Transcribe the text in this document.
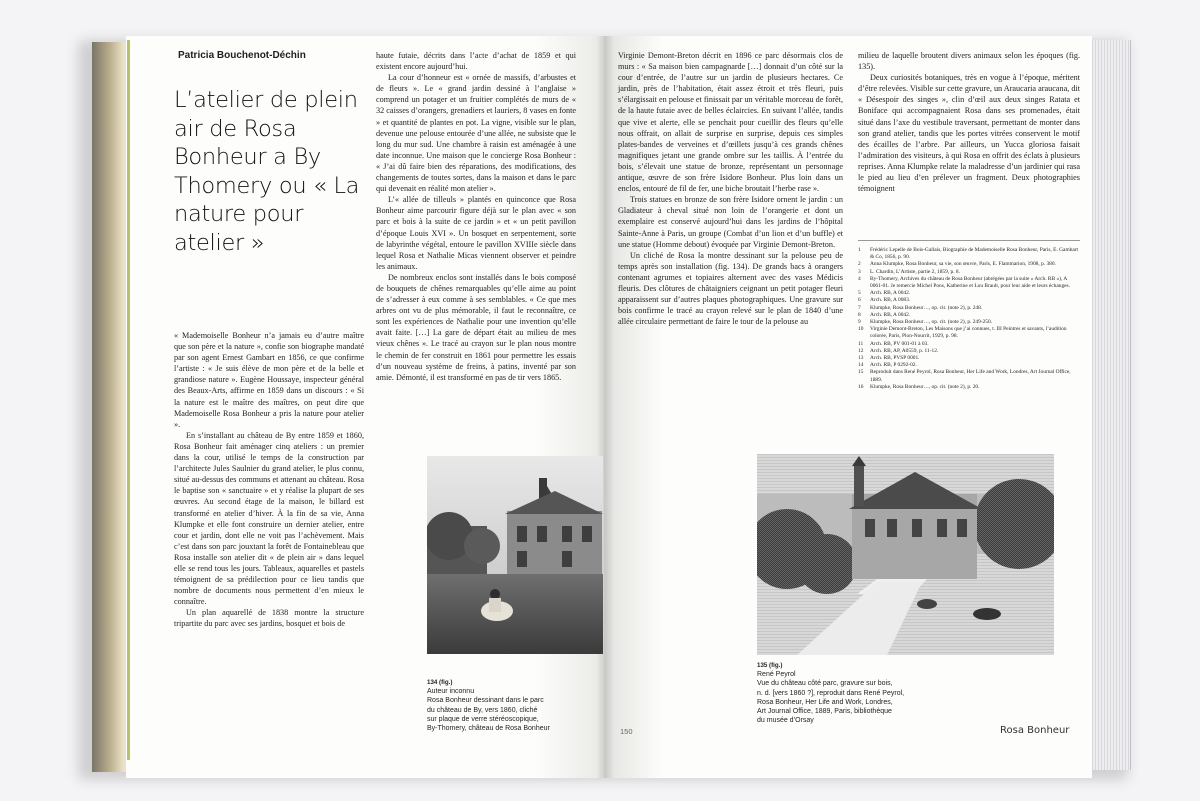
Patricia Bouchenot-Déchin
L’atelier de plein air de Rosa Bonheur a By Thomery ou « La nature pour atelier »

« Mademoiselle Bonheur n’a jamais eu d’autre maître que son père et la nature », confie son biographe mandaté par son agent Ernest Gambart en 1856, ce que confirme l’artiste : « Je suis élève de mon père et de la belle et grandiose nature ». Eugène Houssaye, inspecteur général des Beaux-Arts, affirme en 1859 dans un discours : « Si la nature est le maître des maîtres, on peut dire que Mademoiselle Rosa Bonheur a pris la nature pour atelier ».

En s’installant au château de By entre 1859 et 1860, Rosa Bonheur fait aménager cinq ateliers : un premier dans la cour, utilisé le temps de la construction par l’architecte Jules Saulnier du grand atelier, le plus connu, situé au-dessus des communs et attenant au château. Rosa le baptise son « sanctuaire » et y réalise la plupart de ses œuvres. Au second étage de la maison, le billard est transformé en atelier d’hiver. À la fin de sa vie, Anna Klumpke et elle font construire un dernier atelier, entre cour et jardin, dont elle ne voit pas l’achèvement. Mais c’est dans son parc jouxtant la forêt de Fontainebleau que Rosa installe son atelier dit « de plein air » dans lequel elle se rend tous les jours. Tableaux, aquarelles et pastels témoignent de sa prédilection pour ce lieu tandis que nombre de documents nous permettent d’en mieux le connaître.

Un plan aquarellé de 1838 montre la structure tripartite du parc avec ses jardins, bosquet et bois de

haute futaie, décrits dans l’acte d’achat de 1859 et qui existent encore aujourd’hui.

La cour d’honneur est « ornée de massifs, d’arbustes et de fleurs ». Le « grand jardin dessiné à l’anglaise » comprend un potager et un fruitier complétés de murs de « 32 caisses d’orangers, grenadiers et lauriers, 8 vases en fonte » et quantité de plantes en pot. La vigne, visible sur le plan, devenue une pelouse entourée d’une allée, ne subsiste que le long du mur sud. Une chambre à raisin est aménagée à une date inconnue. Une maison que le concierge Rosa Bonheur : « J’ai dû faire bien des réparations, des modifications, des changements de toutes sortes, dans la maison et dans le parc qui devenait en réalité mon atelier ».

L’« allée de tilleuls » plantés en quinconce que Rosa Bonheur aime parcourir figure déjà sur le plan avec « son parc et bois à la suite de ce jardin » et « un petit pavillon d’époque Louis XVI ». Un bosquet en serpentement, sorte de labyrinthe végétal, entoure le pavillon XVIIIe siècle dans lequel Rosa et Nathalie Micas viennent observer et peindre les animaux.

De nombreux enclos sont installés dans le bois composé de bouquets de chênes remarquables qu’elle aime au point de s’adresser à eux comme à ses semblables. « Ce que mes arbres ont vu de plus mémorable, il faut le reconnaître, ce sont les expériences de Nathalie pour une invention qu’elle avait faite. […] La gare de départ était au milieu de mes vieux chênes ». Le tracé au crayon sur le plan nous montre le chemin de fer construit en 1861 pour permettre les essais d’un nouveau système de freins, à patins, inventé par son amie. Démonté, il est transformé en pas de tir vers 1865.

Virginie Demont-Breton décrit en 1896 ce parc désormais clos de murs : « Sa maison bien campagnarde […] donnait d’un côté sur la cour d’entrée, de l’autre sur un jardin de plusieurs hectares. Ce jardin, près de l’habitation, était assez étroit et très fleuri, puis s’élargissait en pelouse et finissait par un véritable morceau de forêt, de la haute futaie avec de belles éclaircies. En suivant l’allée, tandis que vive et alerte, elle se penchait pour cueillir des fleurs qu’elle nous offrait, on allait de surprise en surprise, depuis ces simples plates-bandes de verveines et d’œillets jusqu’à ces grands chênes magnifiques jetant une grande ombre sur les taillis. À l’entrée du bois, s’élevait une statue de bronze, représentant un personnage antique, œuvre de son frère Isidore Bonheur. Plus loin dans un enclos, entouré de fil de fer, une biche broutait l’herbe rase ».

Trois statues en bronze de son frère Isidore ornent le jardin : un Gladiateur à cheval situé non loin de l’orangerie et dont un exemplaire est conservé aujourd’hui dans les jardins de l’hôpital Sainte-Anne à Paris, un groupe (Combat d’un lion et d’un buffle) et une statue (Homme debout) évoquée par Virginie Demont-Breton.

Un cliché de Rosa la montre dessinant sur la pelouse peu de temps après son installation (fig. 134). De grands bacs à orangers contenant agrumes et topiaires alternent avec des vases Médicis fleuris. Des clôtures de châtaigniers ceignant un petit potager fleuri apparaissent sur d’autres plaques photographiques. Une gravure sur bois confirme le tracé au crayon relevé sur le plan de 1840 d’une allée circulaire permettant de faire le tour de la pelouse au

milieu de laquelle broutent divers animaux selon les époques (fig. 135).

Deux curiosités botaniques, très en vogue à l’époque, méritent d’être relevées. Visible sur cette gravure, un Araucaria araucana, dit « Désespoir des singes », clin d’œil aux deux singes Ratata et Boniface qui accompagnaient Rosa dans ses promenades, était situé dans l’axe du vestibule traversant, permettant de monter dans son grand atelier, tandis que les portes vitrées conservent le motif des écailles de l’arbre. Par ailleurs, un Yucca gloriosa faisait l’admiration des visiteurs, à qui Rosa en offrit des éclats à plusieurs reprises. Anna Klumpke relate la maladresse d’un jardinier qui rasa le pied au lieu d’en prélever un fragment. Deux photographies témoignent

1	Frédéric Lepelle de Bois-Gallais, Biographie de Mademoiselle Rosa Bonheur, Paris, E. Gambart & Co, 1856, p. 90.
2	Anna Klumpke, Rosa Bonheur, sa vie, son œuvre, Paris, E. Flammarion, 1908, p. 380.
3	L. Chardin, L’Artiste, partie 2, 1859, p. 8.
4	By-Thomery, Archives du château de Rosa Bonheur (abrégées par la suite « Arch. RB »), A 0061-01. Je remercie Michel Pons, Katherine et Lou Brault, pour leur aide et leurs échanges.
5	Arch. RB, A 0042.
6	Arch. RB, A 0083.
7	Klumpke, Rosa Bonheur…, op. cit. (note 2), p. 248.
8	Arch. RB, A 0042.
9	Klumpke, Rosa Bonheur…, op. cit. (note 2), p. 249-250.
10	Virginie Demont-Breton, Les Maisons que j’ai connues, t. III Peintres et savants, l’audition colorée, Paris, Plon-Nourrit, 1929, p. 98.
11	Arch. RB, PV 001-01 à 03.
12	Arch. RB, AP, A0559, p. 11-12.
13	Arch. RB, PVSP 0001.
14	Arch. RB, P 0292-02.
15	Reproduit dans René Peyrol, Rosa Bonheur, Her Life and Work, Londres, Art Journal Office, 1889.
16	Klumpke, Rosa Bonheur…, op. cit. (note 2), p. 20.
134 (fig.)
Auteur inconnu
Rosa Bonheur dessinant dans le parc
du château de By, vers 1860, cliché
sur plaque de verre stéréoscopique,
By-Thomery, château de Rosa Bonheur
135 (fig.)
René Peyrol
Vue du château côté parc, gravure sur bois,
n. d. [vers 1860 ?], reproduit dans René Peyrol,
Rosa Bonheur, Her Life and Work, Londres,
Art Journal Office, 1889, Paris, bibliothèque
du musée d’Orsay
150	Rosa Bonheur
